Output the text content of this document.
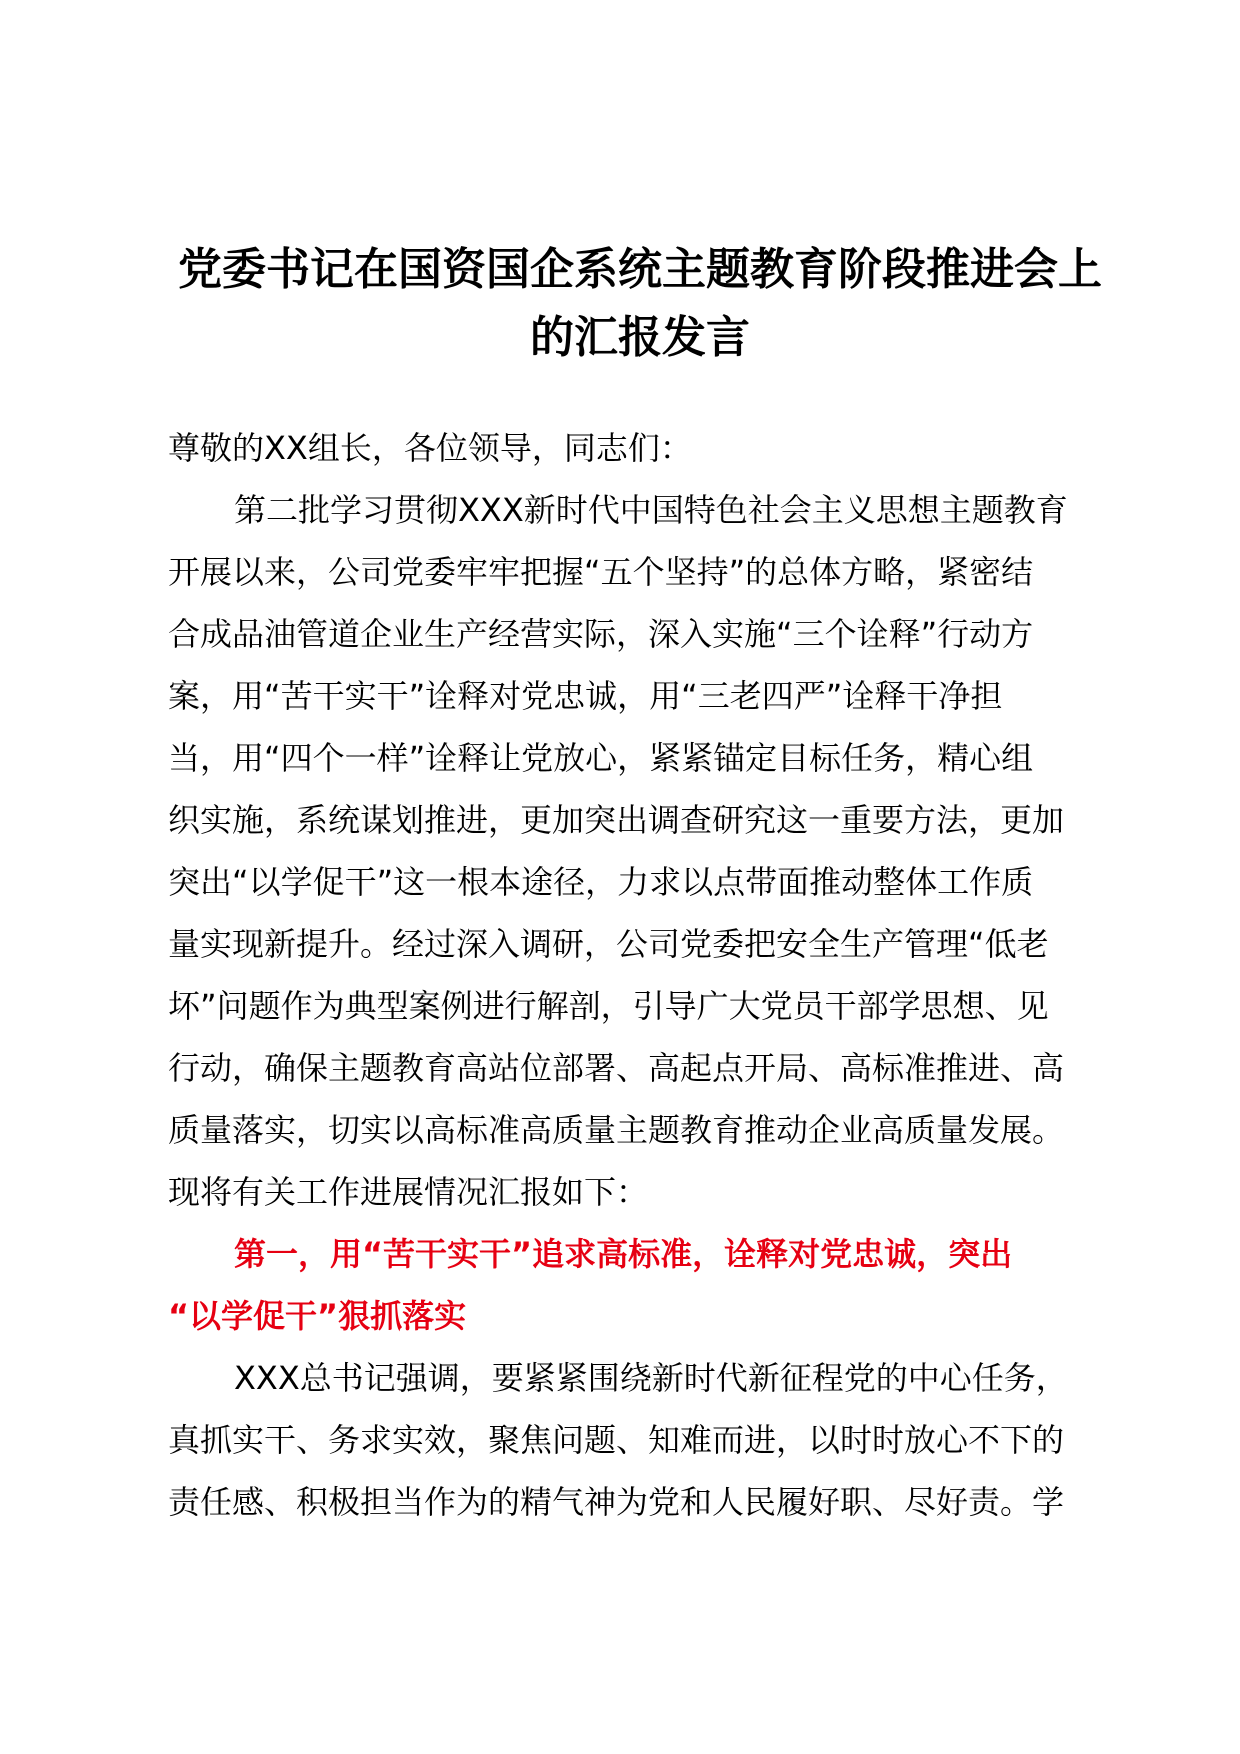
党委书记在国资国企系统主题教育阶段推进会上
的汇报发言
尊敬的XX组长，各位领导，同志们：
第二批学习贯彻XXX新时代中国特色社会主义思想主题教育
开展以来，公司党委牢牢把握“五个坚持”的总体方略，紧密结
合成品油管道企业生产经营实际，深入实施“三个诠释”行动方
案，用“苦干实干”诠释对党忠诚，用“三老四严”诠释干净担
当，用“四个一样”诠释让党放心，紧紧锚定目标任务，精心组
织实施，系统谋划推进，更加突出调查研究这一重要方法，更加
突出“以学促干”这一根本途径，力求以点带面推动整体工作质
量实现新提升。经过深入调研，公司党委把安全生产管理“低老
坏”问题作为典型案例进行解剖，引导广大党员干部学思想、见
行动，确保主题教育高站位部署、高起点开局、高标准推进、高
质量落实，切实以高标准高质量主题教育推动企业高质量发展。
现将有关工作进展情况汇报如下：
第一，用“苦干实干”追求高标准，诠释对党忠诚，突出
“以学促干”狠抓落实
XXX总书记强调，要紧紧围绕新时代新征程党的中心任务，
真抓实干、务求实效，聚焦问题、知难而进，以时时放心不下的
责任感、积极担当作为的精气神为党和人民履好职、尽好责。学
